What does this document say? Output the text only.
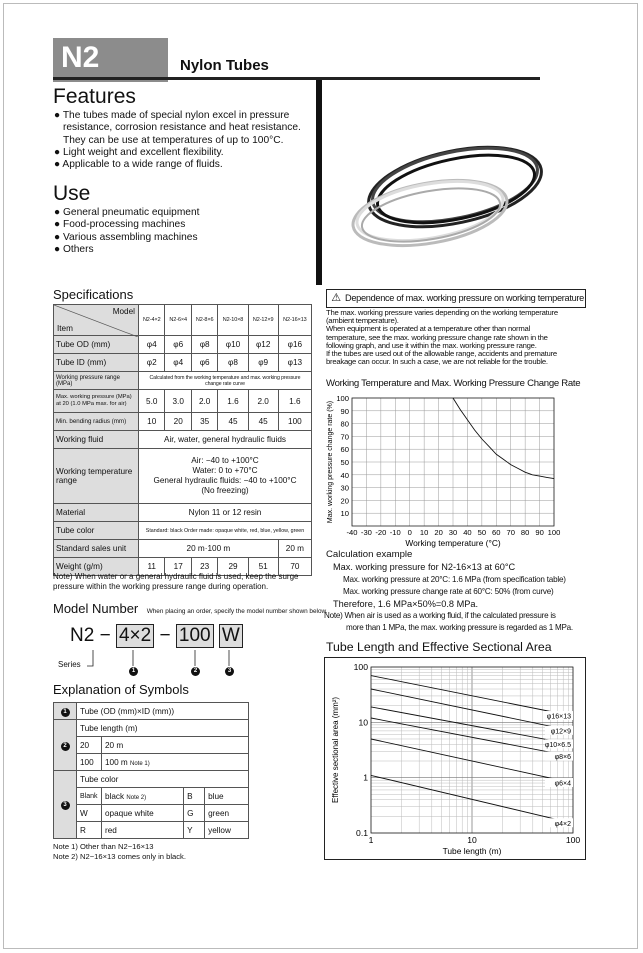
N2	Nylon Tubes
Features
● The tubes made of special nylon excel in pressure resistance, corrosion resistance and heat resistance. They can be use at temperatures of up to 100°C.
● Light weight and excellent flexibility.
● Applicable to a wide range of fluids.
Use
● General pneumatic equipment
● Food-processing machines
● Various assembling machines
● Others
Specifications
Model
Item	N2-4×2	N2-6×4	N2-8×6	N2-10×8	N2-12×9	N2-16×13
Tube OD (mm)	φ4	φ6	φ8	φ10	φ12	φ16
Tube ID (mm)	φ2	φ4	φ6	φ8	φ9	φ13
Working pressure range (MPa)	Calculated from the working temperature and max. working pressure change rate curve					
Max. working pressure (MPa) at 20 (1.0 MPa max. for air)	5.0	3.0	2.0	1.6	2.0	1.6
Min. bending radius (mm)	10	20	35	45	45	100
Working fluid	Air, water, general hydraulic fluids					
Working temperature range	Air: −40 to +100°C
Water: 0 to +70°C
General hydraulic fluids: −40 to +100°C
(No freezing)					

Material	Nylon 11 or 12 resin					
Tube color	Standard: black Order made: opaque white, red, blue, yellow, green					
Standard sales unit	20 m·100 m					20 m
Weight (g/m)	11	17	23	29	51	70
Note) When water or a general hydraulic fluid is used, keep the surge pressure within the working pressure range during operation.
Model Number When placing an order, specify the model number shown below.
N2 − 4×2 − 100 W
Series
1	2	3
Explanation of Symbols
1	Tube (OD (mm)×ID (mm))			
2	Tube length (m)			
	20	20 m		
	100	100 m Note 1)		
3	Tube color			
	Blank	black Note 2)	B	blue
	W	opaque white	G	green
	R	red	Y	yellow
Note 1) Other than N2−16×13
Note 2) N2−16×13 comes only in black.
⚠ Dependence of max. working pressure on working temperature
The max. working pressure varies depending on the working temperature
(ambient temperature).
When equipment is operated at a temperature other than normal
temperature, see the max. working pressure change rate shown in the
following graph, and use it within the max. working pressure range.
If the tubes are used out of the allowable range, accidents and premature
breakage can occur. In such a case, we are not reliable for the trouble.
Working Temperature and Max. Working Pressure Change Rate
-40 -30 -20 -10 0 10 20 30 40 50 60 70 80 90 100
10
20
30
40
50
60
70
80
90
100
Working temperature (°C)
Max. working pressure change rate (%)
Calculation example
Max. working pressure for N2-16×13 at 60°C
Max. working pressure at 20°C: 1.6 MPa (from specification table)
Max. working pressure change rate at 60°C: 50% (from curve)
Therefore, 1.6 MPa×50%=0.8 MPa.
Note) When air is used as a working fluid, if the calculated pressure is
more than 1 MPa, the max. working pressure is regarded as 1 MPa.
Tube Length and Effective Sectional Area
1	10	100
0.1
1
10
100
φ16×13
φ12×9
φ10×6.5
φ8×6
φ6×4
φ4×2
Tube length (m)
Effective sectional area (mm²)
